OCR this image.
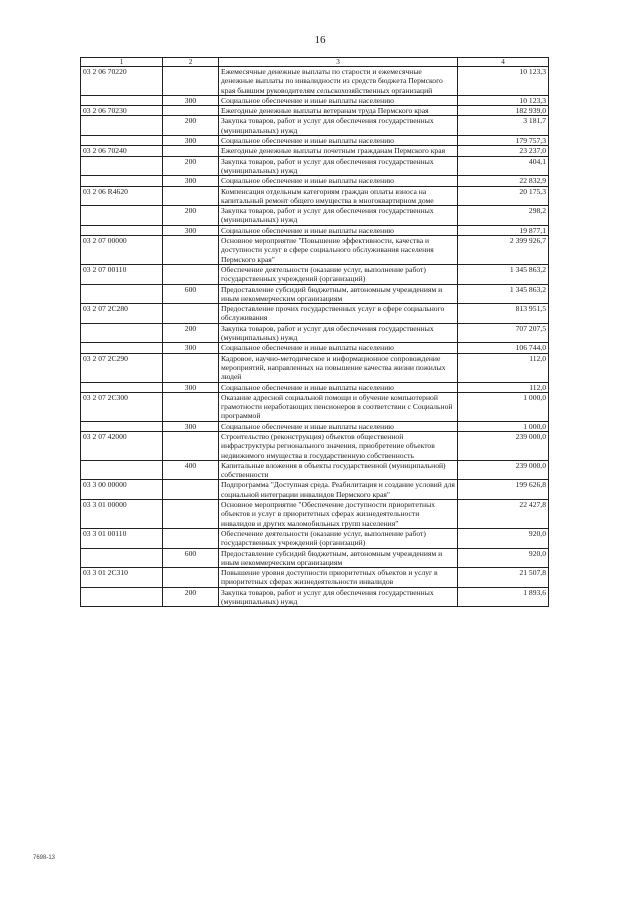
16
1	2	3	4
03 2 06 70220		Ежемесячные денежные выплаты по старости и ежемесячные денежные выплаты по инвалидности из средств бюджета Пермского края бывшим руководителям сельскохозяйственных организаций	10 123,3
	300	Социальное обеспечение и иные выплаты населению	10 123,3
03 2 06 70230		Ежегодные денежные выплаты ветеранам труда Пермского края	182 939,0
	200	Закупка товаров, работ и услуг для обеспечения государственных (муниципальных) нужд	3 181,7
	300	Социальное обеспечение и иные выплаты населению	179 757,3
03 2 06 70240		Ежегодные денежные выплаты почетным гражданам Пермского края	23 237,0
	200	Закупка товаров, работ и услуг для обеспечения государственных (муниципальных) нужд	404,1
	300	Социальное обеспечение и иные выплаты населению	22 832,9
03 2 06 R4620		Компенсация отдельным категориям граждан оплаты взноса на капитальный ремонт общего имущества в многоквартирном доме	20 175,3
	200	Закупка товаров, работ и услуг для обеспечения государственных (муниципальных) нужд	298,2
	300	Социальное обеспечение и иные выплаты населению	19 877,1
03 2 07 00000		Основное мероприятие "Повышение эффективности, качества и доступности услуг в сфере социального обслуживания населения Пермского края"	2 399 926,7
03 2 07 00110		Обеспечение деятельности (оказание услуг, выполнение работ) государственных учреждений (организаций)	1 345 863,2
	600	Предоставление субсидий бюджетным, автономным учреждениям и иным некоммерческим организациям	1 345 863,2
03 2 07 2С280		Предоставление прочих государственных услуг в сфере социального обслуживания	813 951,5
	200	Закупка товаров, работ и услуг для обеспечения государственных (муниципальных) нужд	707 207,5
	300	Социальное обеспечение и иные выплаты населению	106 744,0
03 2 07 2С290		Кадровое, научно-методическое и информационное сопровождение мероприятий, направленных на повышение качества жизни пожилых людей	112,0
	300	Социальное обеспечение и иные выплаты населению	112,0
03 2 07 2С300		Оказание адресной социальной помощи и обучение компьютерной грамотности неработающих пенсионеров в соответствии с Социальной программой	1 000,0
	300	Социальное обеспечение и иные выплаты населению	1 000,0
03 2 07 42000		Строительство (реконструкция) объектов общественной инфраструктуры регионального значения, приобретение объектов недвижимого имущества в государственную собственность	239 000,0
	400	Капитальные вложения в объекты государственной (муниципальной) собственности	239 000,0
03 3 00 00000		Подпрограмма "Доступная среда. Реабилитация и создание условий для социальной интеграции инвалидов Пермского края"	199 626,8
03 3 01 00000		Основное мероприятие "Обеспечение доступности приоритетных объектов и услуг в приоритетных сферах жизнедеятельности инвалидов и других маломобильных групп населения"	22 427,8
03 3 01 00110		Обеспечение деятельности (оказание услуг, выполнение работ) государственных учреждений (организаций)	920,0
	600	Предоставление субсидий бюджетным, автономным учреждениям и иным некоммерческим организациям	920,0
03 3 01 2С310		Повышение уровня доступности приоритетных объектов и услуг в приоритетных сферах жизнедеятельности инвалидов	21 507,8
	200	Закупка товаров, работ и услуг для обеспечения государственных (муниципальных) нужд	1 893,6
7698-13
